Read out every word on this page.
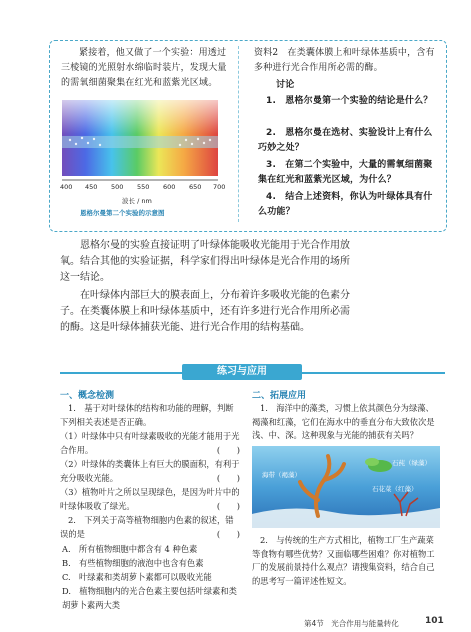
紧接着，他又做了一个实验：用透过三棱镜的光照射水绵临时装片，发现大量的需氧细菌聚集在红光和蓝紫光区域。
400 450 500 550 600 650 700
波长 / nm
恩格尔曼第二个实验的示意图
资料2　在类囊体膜上和叶绿体基质中，含有多种进行光合作用所必需的酶。
讨论
1.　恩格尔曼第一个实验的结论是什么？
2.　恩格尔曼在选材、实验设计上有什么巧妙之处？
3.　在第二个实验中，大量的需氧细菌聚集在红光和蓝紫光区域，为什么？
4.　结合上述资料，你认为叶绿体具有什么功能？
恩格尔曼的实验直接证明了叶绿体能吸收光能用于光合作用放氧。结合其他的实验证据，科学家们得出叶绿体是光合作用的场所这一结论。
在叶绿体内部巨大的膜表面上，分布着许多吸收光能的色素分子。在类囊体膜上和叶绿体基质中，还有许多进行光合作用所必需的酶。这是叶绿体捕获光能、进行光合作用的结构基础。
练习与应用
一、概念检测
1.　基于对叶绿体的结构和功能的理解，判断下列相关表述是否正确。
（1）叶绿体中只有叶绿素吸收的光能才能用于光合作用。	(　　)
（2）叶绿体的类囊体上有巨大的膜面积，有利于充分吸收光能。	(　　)
（3）植物叶片之所以呈现绿色，是因为叶片中的叶绿体吸收了绿光。	(　　)
2.　下列关于高等植物细胞内色素的叙述，错误的是	(　　)
A.　所有植物细胞中都含有 4 种色素
B.　有些植物细胞的液泡中也含有色素
C.　叶绿素和类胡萝卜素都可以吸收光能
D.　植物细胞内的光合色素主要包括叶绿素和类胡萝卜素两大类
二、拓展应用
1.　海洋中的藻类，习惯上依其颜色分为绿藻、褐藻和红藻，它们在海水中的垂直分布大致依次是浅、中、深。这种现象与光能的捕获有关吗？
石莼（绿藻）
海带（褐藻）
石花菜（红藻）
2.　与传统的生产方式相比，植物工厂生产蔬菜等食物有哪些优势？又面临哪些困难？你对植物工厂的发展前景持什么观点？请搜集资料，结合自己的思考写一篇评述性短文。
第4节　光合作用与能量转化	101
